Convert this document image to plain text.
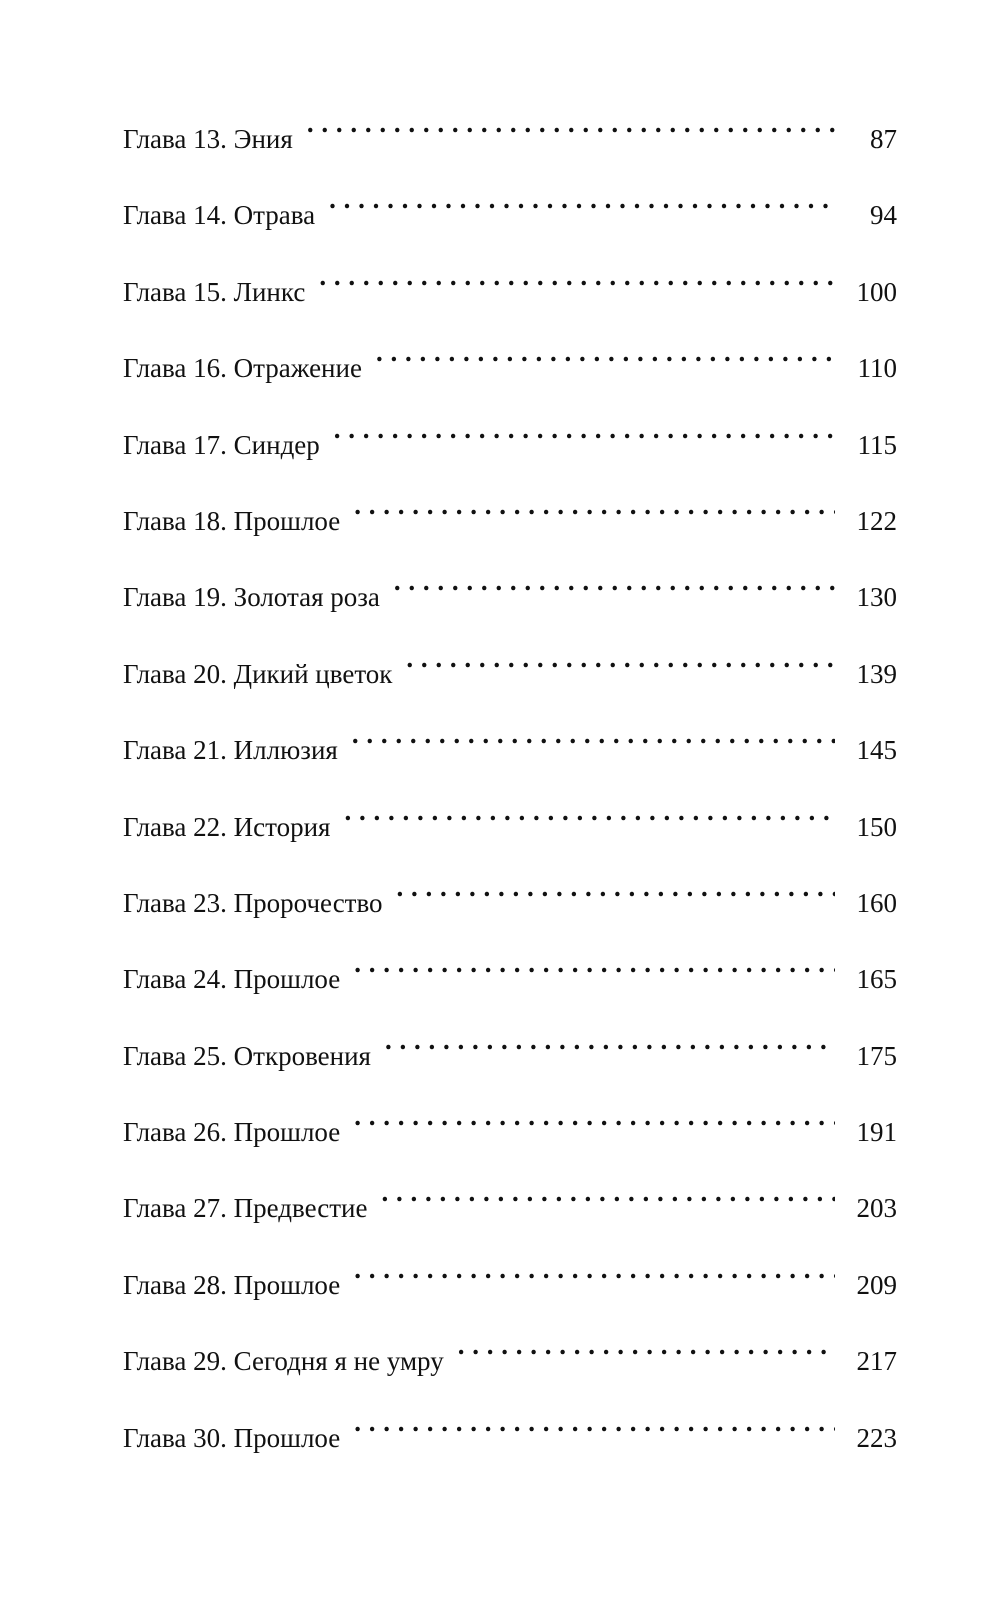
Глава 13. Эния . . .	87
Глава 14. Отрава . . .	94
Глава 15. Линкс . . .	100
Глава 16. Отражение . . .	110
Глава 17. Синдер . . .	115
Глава 18. Прошлое . . .	122
Глава 19. Золотая роза . . .	130
Глава 20. Дикий цветок . . .	139
Глава 21. Иллюзия . . .	145
Глава 22. История . . .	150
Глава 23. Пророчество . . .	160
Глава 24. Прошлое . . .	165
Глава 25. Откровения . . .	175
Глава 26. Прошлое . . .	191
Глава 27. Предвестие . . .	203
Глава 28. Прошлое . . .	209
Глава 29. Сегодня я не умру . . .	217
Глава 30. Прошлое . . .	223
